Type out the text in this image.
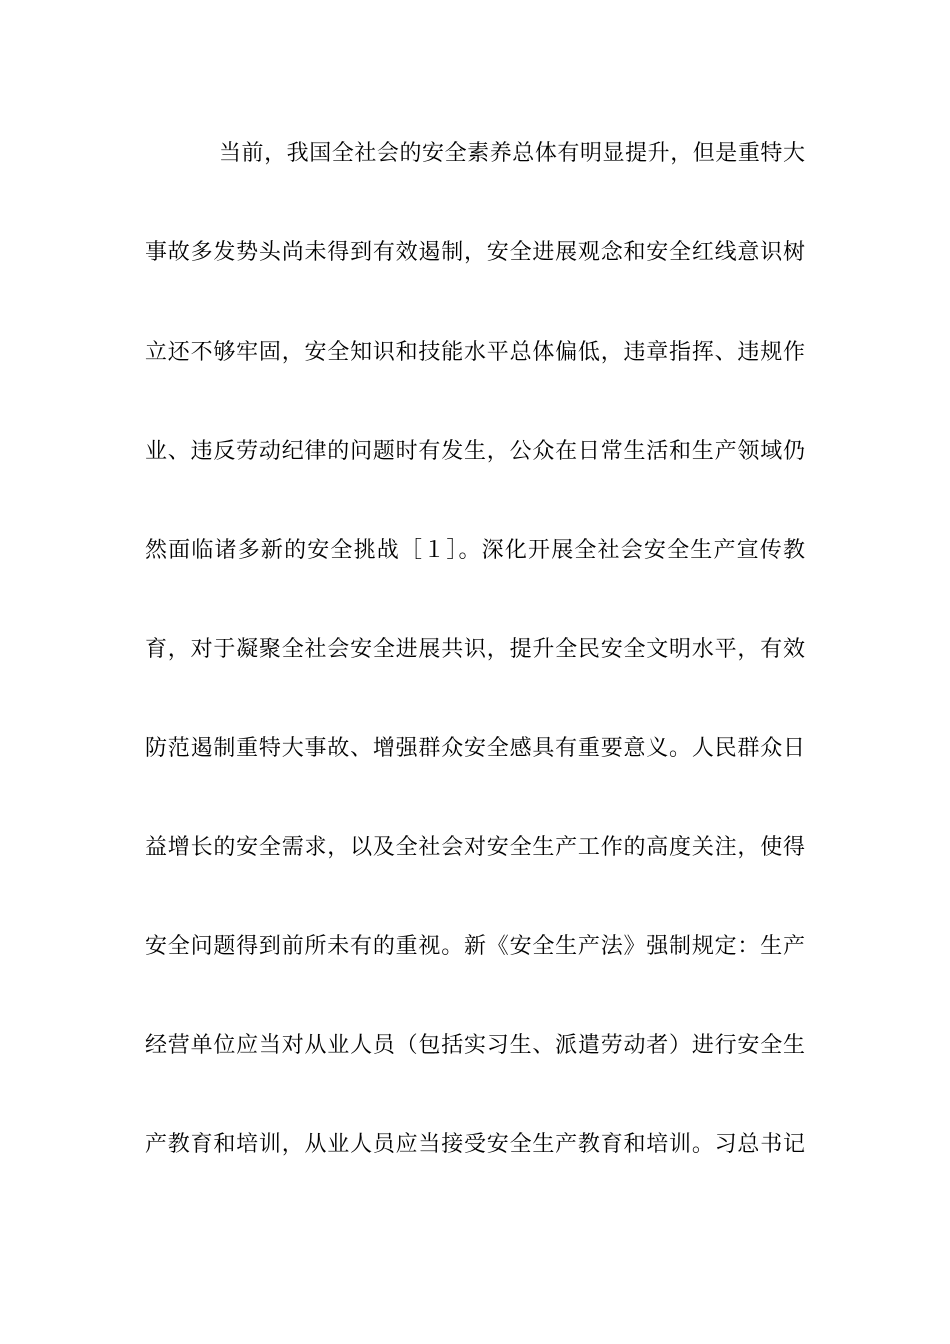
当前，我国全社会的安全素养总体有明显提升，但是重特大
事故多发势头尚未得到有效遏制，安全进展观念和安全红线意识树
立还不够牢固，安全知识和技能水平总体偏低，违章指挥、违规作
业、违反劳动纪律的问题时有发生，公众在日常生活和生产领域仍
然面临诸多新的安全挑战［１］。深化开展全社会安全生产宣传教
育，对于凝聚全社会安全进展共识，提升全民安全文明水平，有效
防范遏制重特大事故、增强群众安全感具有重要意义。人民群众日
益增长的安全需求，以及全社会对安全生产工作的高度关注，使得
安全问题得到前所未有的重视。新《安全生产法》强制规定：生产
经营单位应当对从业人员（包括实习生、派遣劳动者）进行安全生
产教育和培训，从业人员应当接受安全生产教育和培训。习总书记
